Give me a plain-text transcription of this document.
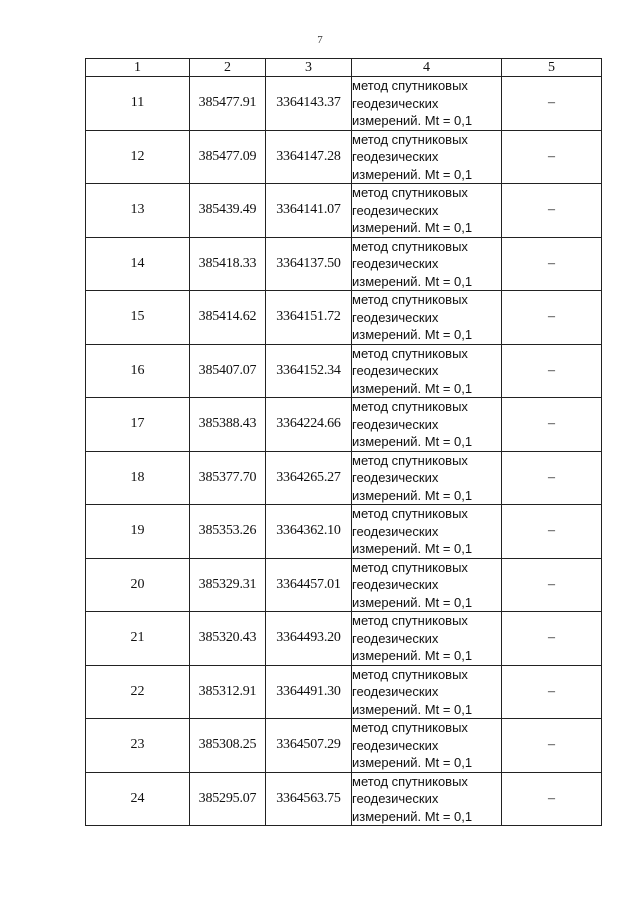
7
1	2	3	4	5
11	385477.91	3364143.37	метод спутниковых
геодезических
измерений. Mt = 0,1	–
12	385477.09	3364147.28	метод спутниковых
геодезических
измерений. Mt = 0,1	–
13	385439.49	3364141.07	метод спутниковых
геодезических
измерений. Mt = 0,1	–
14	385418.33	3364137.50	метод спутниковых
геодезических
измерений. Mt = 0,1	–
15	385414.62	3364151.72	метод спутниковых
геодезических
измерений. Mt = 0,1	–
16	385407.07	3364152.34	метод спутниковых
геодезических
измерений. Mt = 0,1	–
17	385388.43	3364224.66	метод спутниковых
геодезических
измерений. Mt = 0,1	–
18	385377.70	3364265.27	метод спутниковых
геодезических
измерений. Mt = 0,1	–
19	385353.26	3364362.10	метод спутниковых
геодезических
измерений. Mt = 0,1	–
20	385329.31	3364457.01	метод спутниковых
геодезических
измерений. Mt = 0,1	–
21	385320.43	3364493.20	метод спутниковых
геодезических
измерений. Mt = 0,1	–
22	385312.91	3364491.30	метод спутниковых
геодезических
измерений. Mt = 0,1	–
23	385308.25	3364507.29	метод спутниковых
геодезических
измерений. Mt = 0,1	–
24	385295.07	3364563.75	метод спутниковых
геодезических
измерений. Mt = 0,1	–
